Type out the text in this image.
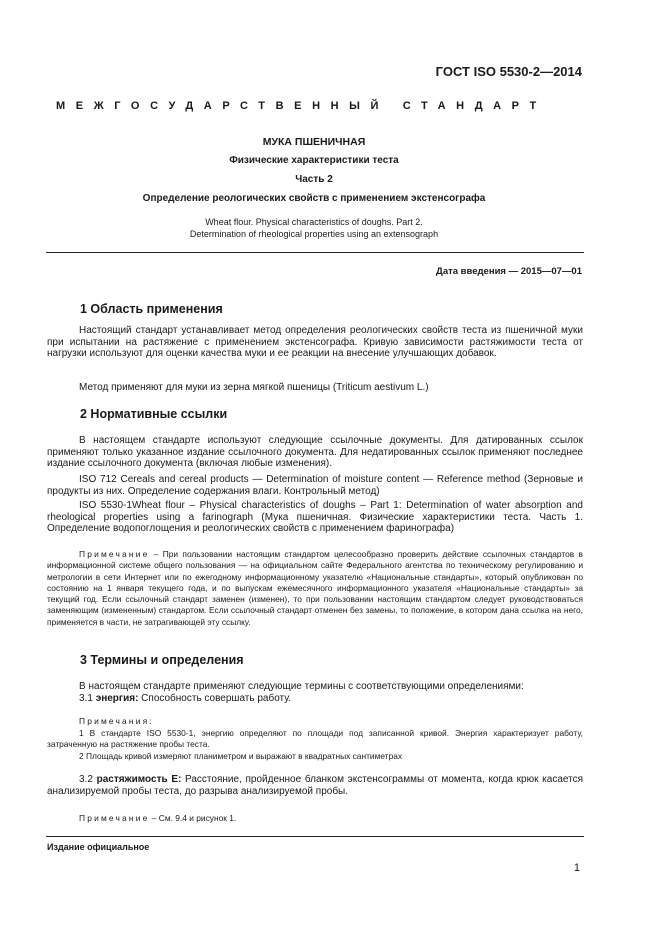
ГОСТ ISO 5530-2—2014
МЕЖГОСУДАРСТВЕННЫЙ СТАНДАРТ
МУКА ПШЕНИЧНАЯ
Физические характеристики теста
Часть 2
Определение реологических свойств с применением экстенсографа
Wheat flour. Physical characteristics of doughs. Part 2.
Determination of rheological properties using an extensograph
Дата введения — 2015—07—01
1 Область применения
Настоящий стандарт устанавливает метод определения реологических свойств теста из пшеничной муки при испытании на растяжение с применением экстенсографа. Кривую зависимости растяжимости теста от нагрузки используют для оценки качества муки и ее реакции на внесение улучшающих добавок.
Метод применяют для муки из зерна мягкой пшеницы (Triticum aestivum L.)
2 Нормативные ссылки
В настоящем стандарте используют следующие ссылочные документы. Для датированных ссылок применяют только указанное издание ссылочного документа. Для недатированных ссылок применяют последнее издание ссылочного документа (включая любые изменения).
ISO 712 Cereals and cereal products — Determination of moisture content — Reference method (Зерновые и продукты из них. Определение содержания влаги. Контрольный метод)
ISO 5530-1Wheat flour – Physical characteristics of doughs – Part 1: Determination of water absorption and rheological properties using a farinograph (Мука пшеничная. Физические характеристики теста. Часть 1. Определение водопоглощения и реологических свойств с применением фаринографа)
Примечание – При пользовании настоящим стандартом целесообразно проверить действие ссылочных стандартов в информационной системе общего пользования — на официальном сайте Федерального агентства по техническому регулированию и метрологии в сети Интернет или по ежегодному информационному указателю «Национальные стандарты», который опубликован по состоянию на 1 января текущего года, и по выпускам ежемесячного информационного указателя «Национальные стандарты» за текущий год. Если ссылочный стандарт заменен (изменен), то при пользовании настоящим стандартом следует руководствоваться заменяющим (измененным) стандартом. Если ссылочный стандарт отменен без замены, то положение, в котором дана ссылка на него, применяется в части, не затрагивающей эту ссылку.
3 Термины и определения
В настоящем стандарте применяют следующие термины с соответствующими определениями:
3.1 энергия: Способность совершать работу.
Примечания:
1 В стандарте ISO 5530-1, энергию определяют по площади под записанной кривой. Энергия характеризует работу, затраченную на растяжение пробы теста.
2 Площадь кривой измеряют планиметром и выражают в квадратных сантиметрах
3.2 растяжимость E: Расстояние, пройденное бланком экстенсограммы от момента, когда крюк касается анализируемой пробы теста, до разрыва анализируемой пробы.
Примечание – См. 9.4 и рисунок 1.
Издание официальное
1
